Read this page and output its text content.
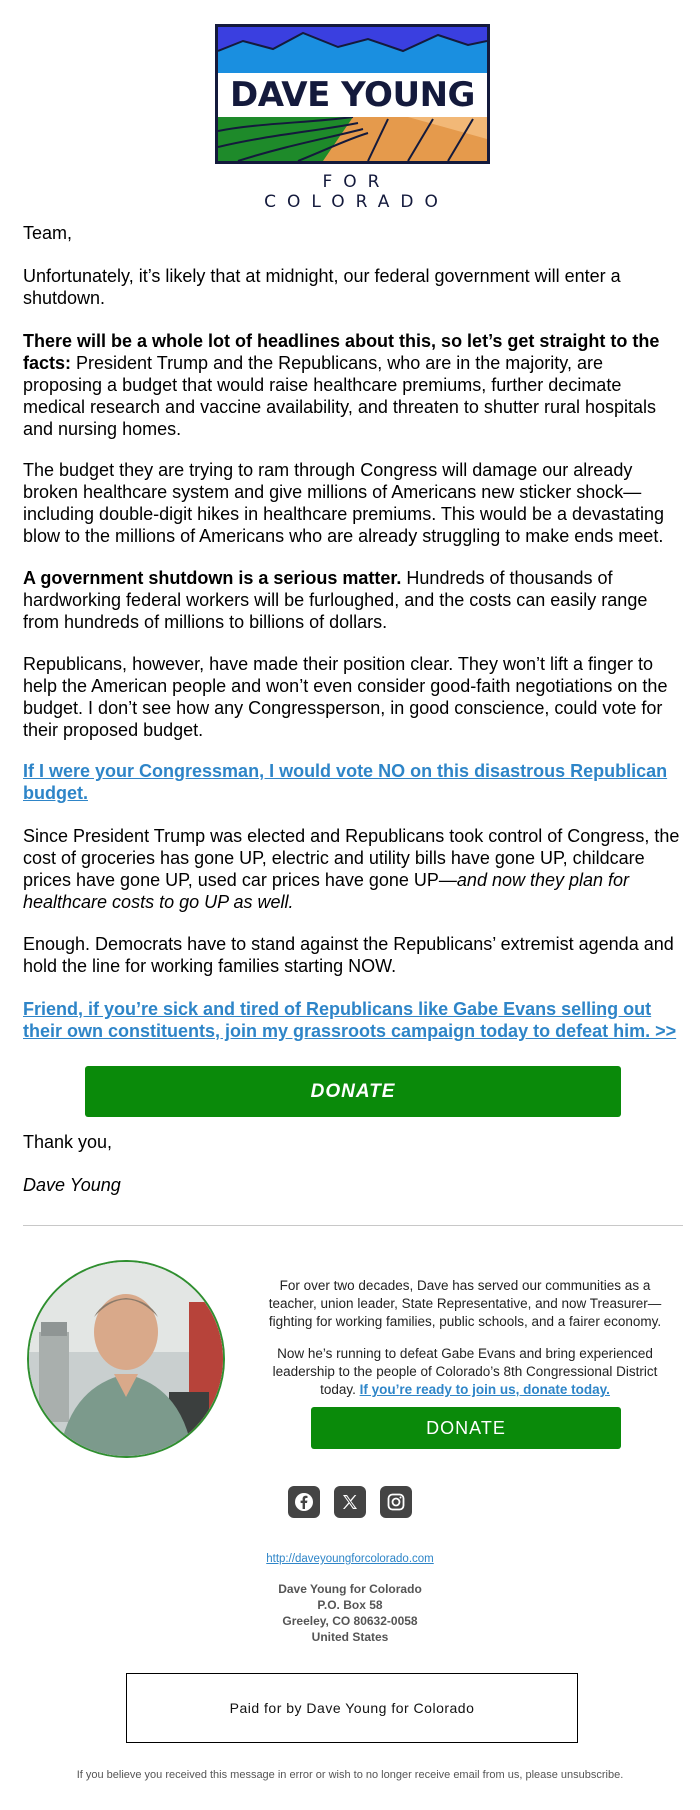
DAVE YOUNG
FOR COLORADO
Team,
Unfortunately, it’s likely that at midnight, our federal government will enter a shutdown.

There will be a whole lot of headlines about this, so let’s get straight to the facts: President Trump and the Republicans, who are in the majority, are proposing a budget that would raise healthcare premiums, further decimate medical research and vaccine availability, and threaten to shutter rural hospitals and nursing homes.

The budget they are trying to ram through Congress will damage our already broken healthcare system and give millions of Americans new sticker shock—including double-digit hikes in healthcare premiums. This would be a devastating blow to the millions of Americans who are already struggling to make ends meet.

A government shutdown is a serious matter. Hundreds of thousands of hardworking federal workers will be furloughed, and the costs can easily range from hundreds of millions to billions of dollars.

Republicans, however, have made their position clear. They won’t lift a finger to help the American people and won’t even consider good-faith negotiations on the budget. I don’t see how any Congressperson, in good conscience, could vote for their proposed budget.
If I were your Congressman, I would vote NO on this disastrous Republican budget.

Since President Trump was elected and Republicans took control of Congress, the cost of groceries has gone UP, electric and utility bills have gone UP, childcare prices have gone UP, used car prices have gone UP—and now they plan for healthcare costs to go UP as well.

Enough. Democrats have to stand against the Republicans’ extremist agenda and hold the line for working families starting NOW.
Friend, if you’re sick and tired of Republicans like Gabe Evans selling out their own constituents, join my grassroots campaign today to defeat him. >>
DONATE
Thank you,
Dave Young

For over two decades, Dave has served our communities as a teacher, union leader, State Representative, and now Treasurer—fighting for working families, public schools, and a fairer economy.

Now he’s running to defeat Gabe Evans and bring experienced leadership to the people of Colorado’s 8th Congressional District today. If you’re ready to join us, donate today.

DONATE
http://daveyoungforcolorado.com
Dave Young for Colorado
P.O. Box 58
Greeley, CO 80632-0058
United States
Paid for by Dave Young for Colorado
If you believe you received this message in error or wish to no longer receive email from us, please unsubscribe.
